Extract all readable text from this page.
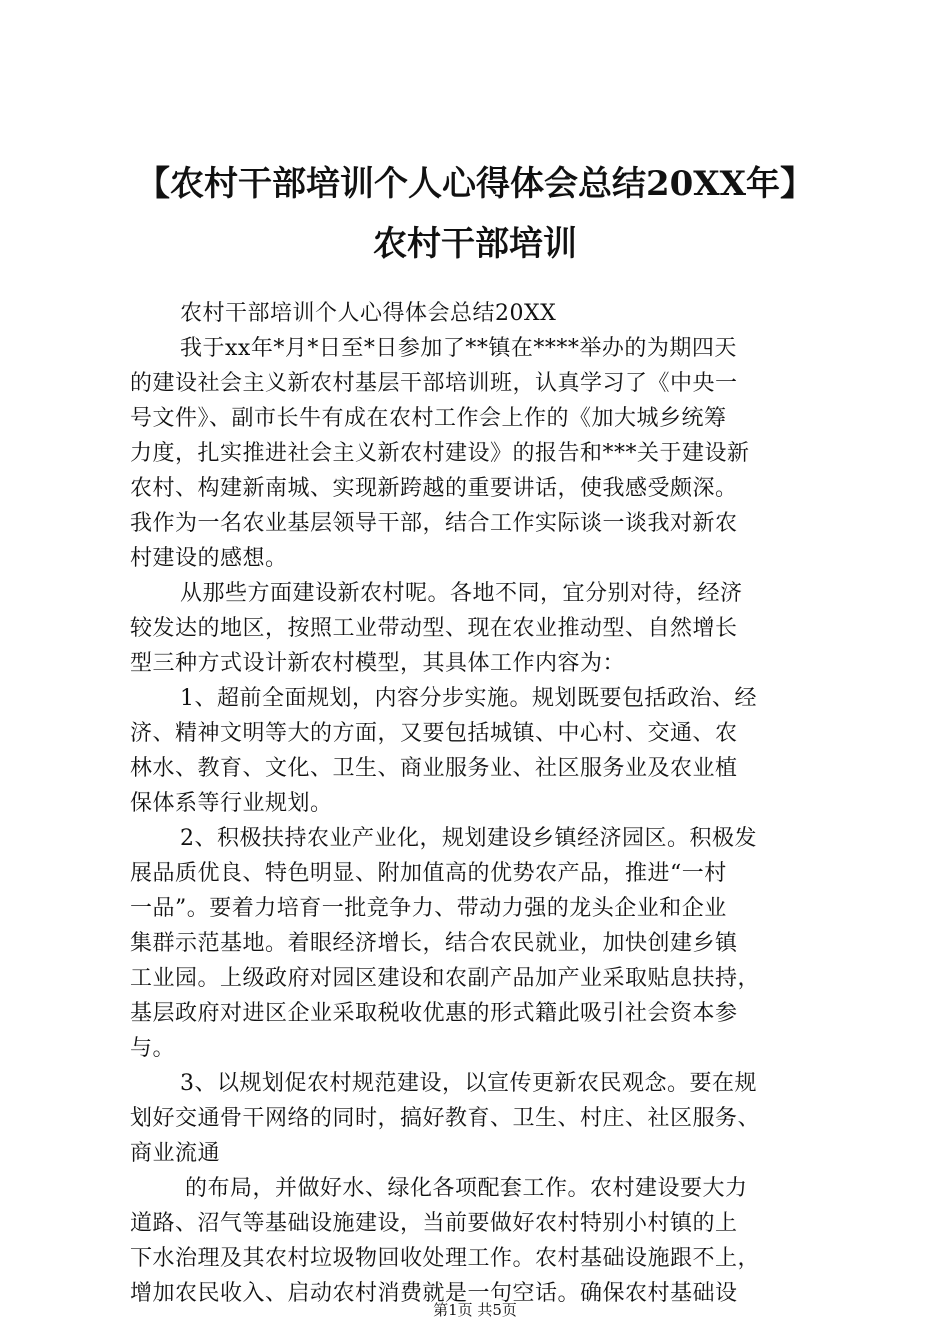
【农村干部培训个人心得体会总结20XX年】
农村干部培训
农村干部培训个人心得体会总结20XX
我于xx年*月*日至*日参加了**镇在****举办的为期四天
的建设社会主义新农村基层干部培训班，认真学习了《中央一
号文件》、副市长牛有成在农村工作会上作的《加大城乡统筹
力度，扎实推进社会主义新农村建设》的报告和***关于建设新
农村、构建新南城、实现新跨越的重要讲话，使我感受颇深。
我作为一名农业基层领导干部，结合工作实际谈一谈我对新农
村建设的感想。
从那些方面建设新农村呢。各地不同，宜分别对待，经济
较发达的地区，按照工业带动型、现在农业推动型、自然增长
型三种方式设计新农村模型，其具体工作内容为：
1、超前全面规划，内容分步实施。规划既要包括政治、经
济、精神文明等大的方面，又要包括城镇、中心村、交通、农
林水、教育、文化、卫生、商业服务业、社区服务业及农业植
保体系等行业规划。
2、积极扶持农业产业化，规划建设乡镇经济园区。积极发
展品质优良、特色明显、附加值高的优势农产品，推进“一村
一品”。要着力培育一批竞争力、带动力强的龙头企业和企业
集群示范基地。着眼经济增长，结合农民就业，加快创建乡镇
工业园。上级政府对园区建设和农副产品加产业采取贴息扶持，
基层政府对进区企业采取税收优惠的形式籍此吸引社会资本参
与。
3、以规划促农村规范建设，以宣传更新农民观念。要在规
划好交通骨干网络的同时，搞好教育、卫生、村庄、社区服务、
商业流通
的布局，并做好水、绿化各项配套工作。农村建设要大力
道路、沼气等基础设施建设，当前要做好农村特别小村镇的上
下水治理及其农村垃圾物回收处理工作。农村基础设施跟不上，
增加农民收入、启动农村消费就是一句空话。确保农村基础设
第1页 共5页
